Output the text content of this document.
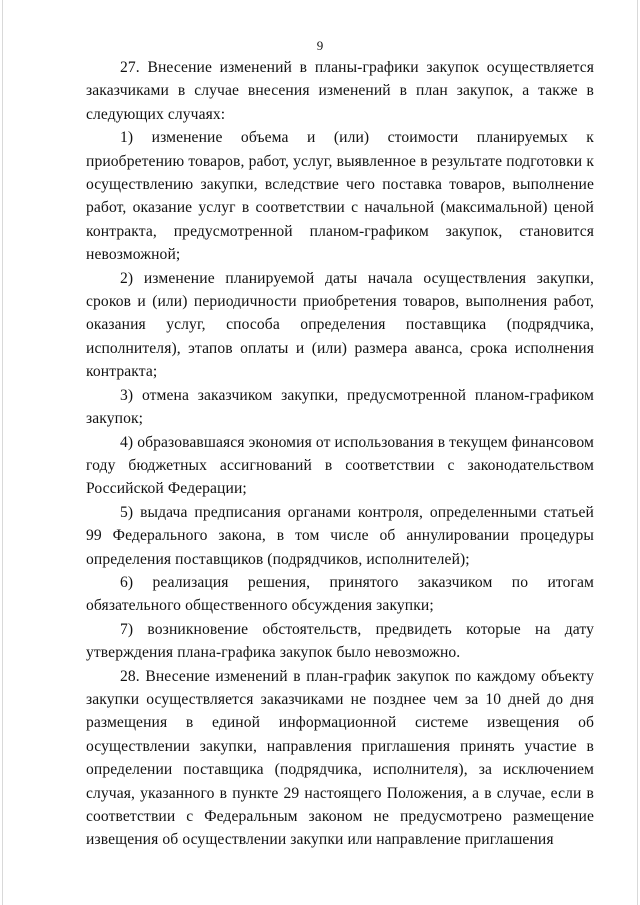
9

27. Внесение изменений в планы-графики закупок осуществляется заказчиками в случае внесения изменений в план закупок, а также в следующих случаях:

1) изменение объема и (или) стоимости планируемых к приобретению товаров, работ, услуг, выявленное в результате подготовки к осуществлению закупки, вследствие чего поставка товаров, выполнение работ, оказание услуг в соответствии с начальной (максимальной) ценой контракта, предусмотренной планом-графиком закупок, становится невозможной;

2) изменение планируемой даты начала осуществления закупки, сроков и (или) периодичности приобретения товаров, выполнения работ, оказания услуг, способа определения поставщика (подрядчика, исполнителя), этапов оплаты и (или) размера аванса, срока исполнения контракта;

3) отмена заказчиком закупки, предусмотренной планом-графиком закупок;

4) образовавшаяся экономия от использования в текущем финансовом году бюджетных ассигнований в соответствии с законодательством Российской Федерации;

5) выдача предписания органами контроля, определенными статьей 99 Федерального закона, в том числе об аннулировании процедуры определения поставщиков (подрядчиков, исполнителей);

6) реализация решения, принятого заказчиком по итогам обязательного общественного обсуждения закупки;

7) возникновение обстоятельств, предвидеть которые на дату утверждения плана-графика закупок было невозможно.

28. Внесение изменений в план-график закупок по каждому объекту закупки осуществляется заказчиками не позднее чем за 10 дней до дня размещения в единой информационной системе извещения об осуществлении закупки, направления приглашения принять участие в определении поставщика (подрядчика, исполнителя), за исключением случая, указанного в пункте 29 настоящего Положения, а в случае, если в соответствии с Федеральным законом не предусмотрено размещение извещения об осуществлении закупки или направление приглашения
